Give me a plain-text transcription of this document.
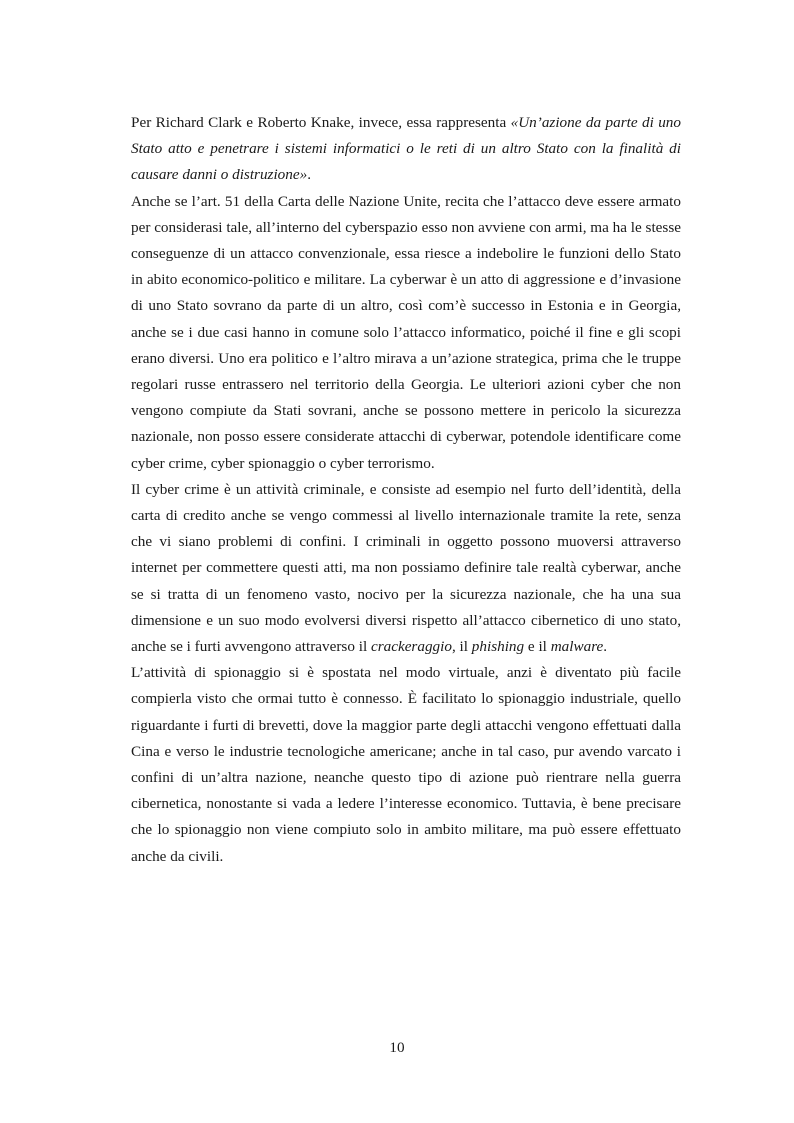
Per Richard Clark e Roberto Knake, invece, essa rappresenta «Un’azione da parte di uno Stato atto e penetrare i sistemi informatici o le reti di un altro Stato con la finalità di causare danni o distruzione».

Anche se l’art. 51 della Carta delle Nazione Unite, recita che l’attacco deve essere armato per considerasi tale, all’interno del cyberspazio esso non avviene con armi, ma ha le stesse conseguenze di un attacco convenzionale, essa riesce a indebolire le funzioni dello Stato in abito economico-politico e militare. La cyberwar è un atto di aggressione e d’invasione di uno Stato sovrano da parte di un altro, così com’è successo in Estonia e in Georgia, anche se i due casi hanno in comune solo l’attacco informatico, poiché il fine e gli scopi erano diversi. Uno era politico e l’altro mirava a un’azione strategica, prima che le truppe regolari russe entrassero nel territorio della Georgia. Le ulteriori azioni cyber che non vengono compiute da Stati sovrani, anche se possono mettere in pericolo la sicurezza nazionale, non posso essere considerate attacchi di cyberwar, potendole identificare come cyber crime, cyber spionaggio o cyber terrorismo.

Il cyber crime è un attività criminale, e consiste ad esempio nel furto dell’identità, della carta di credito anche se vengo commessi al livello internazionale tramite la rete, senza che vi siano problemi di confini. I criminali in oggetto possono muoversi attraverso internet per commettere questi atti, ma non possiamo definire tale realtà cyberwar, anche se si tratta di un fenomeno vasto, nocivo per la sicurezza nazionale, che ha una sua dimensione e un suo modo evolversi diversi rispetto all’attacco cibernetico di uno stato, anche se i furti avvengono attraverso il crackeraggio, il phishing e il malware.

L’attività di spionaggio si è spostata nel modo virtuale, anzi è diventato più facile compierla visto che ormai tutto è connesso. È facilitato lo spionaggio industriale, quello riguardante i furti di brevetti, dove la maggior parte degli attacchi vengono effettuati dalla Cina e verso le industrie tecnologiche americane; anche in tal caso, pur avendo varcato i confini di un’altra nazione, neanche questo tipo di azione può rientrare nella guerra cibernetica, nonostante si vada a ledere l’interesse economico. Tuttavia, è bene precisare che lo spionaggio non viene compiuto solo in ambito militare, ma può essere effettuato anche da civili.

10
